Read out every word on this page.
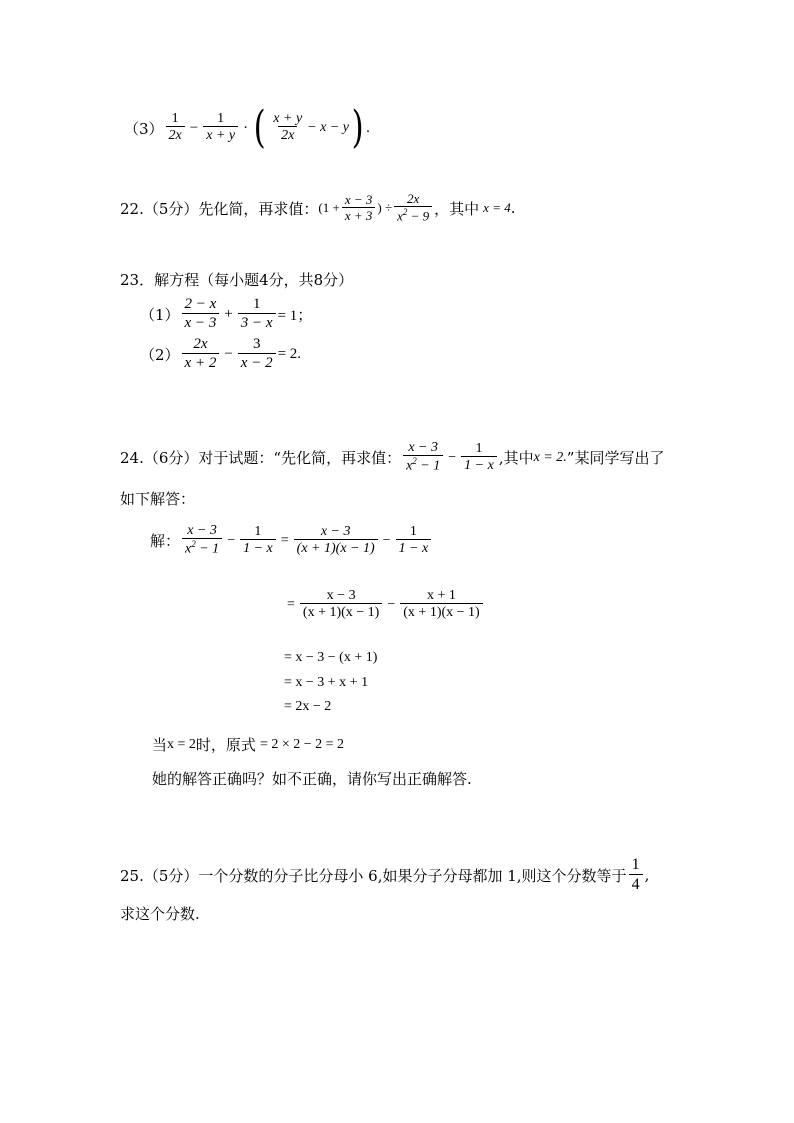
$(3) \frac{1}{2x} - \frac{1}{x + y}$ · ( $\frac{x + y}{2x} - x - y$ ) .
22.（5分）先化简，再求值： ($1 + \frac{x - 3}{x + 3}$ ) ÷ $\frac{2x}{x^2 - 9}$ ，其中 x = 4 .
23．解方程（每小题4分，共8分）
$(1) \frac{2 - x}{x - 3} + \frac{1}{3 - x} = 1$；
$(2) \frac{2x}{x + 2} - \frac{3}{x - 2} = 2$.
24.（6分）对于试题：“先化简，再求值： $\frac{x - 3}{x^2 - 1} - \frac{1}{1 - x}$ ,其中 x = 2. ”某同学写出了
如下解答：
解： $\frac{x - 3}{x^2 - 1} - \frac{1}{1 - x} = \frac{x - 3}{(x + 1)(x - 1)} - \frac{1}{1 - x}$
= $\frac{x - 3}{(x + 1)(x - 1)} - \frac{x + 1}{(x + 1)(x - 1)}$
= x − 3 − (x + 1)
= x − 3 + x + 1
= 2x − 2
当 x = 2 时，原式 = 2 × 2 − 2 = 2
她的解答正确吗？如不正确，请你写出正确解答.
25.（5分）一个分数的分子比分母小 6,如果分子分母都加 1,则这个分数等于 $\frac{1}{4}$ ,
求这个分数.
